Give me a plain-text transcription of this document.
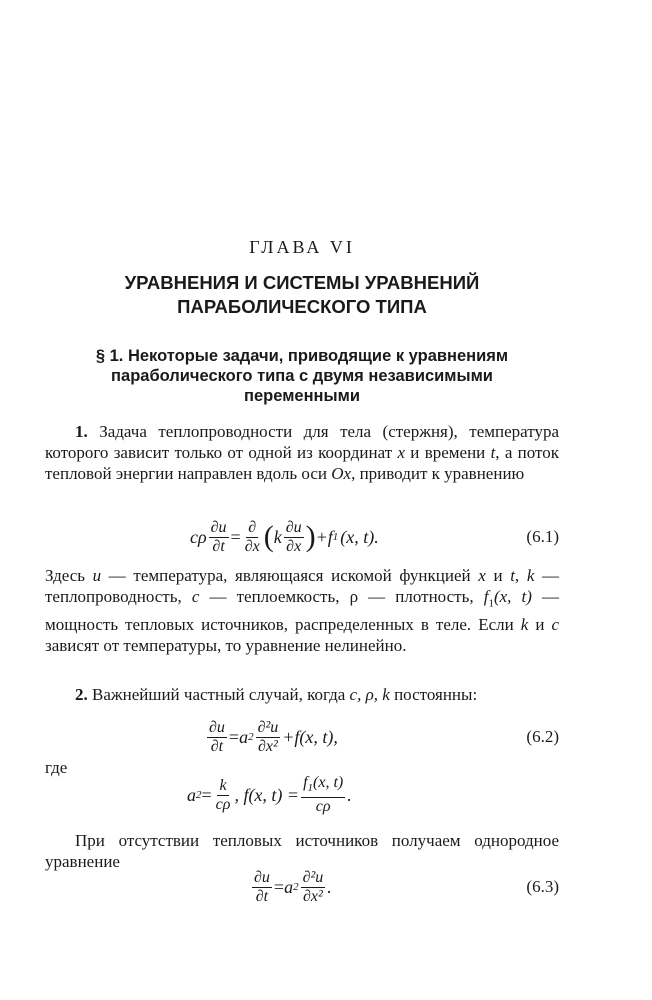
ГЛАВА VI
УРАВНЕНИЯ И СИСТЕМЫ УРАВНЕНИЙ
ПАРАБОЛИЧЕСКОГО ТИПА
§ 1. Некоторые задачи, приводящие к уравнениям
параболического типа с двумя независимыми
переменными
1. Задача теплопроводности для тела (стержня), температура которого зависит только от одной из координат x и времени t, а поток тепловой энергии направлен вдоль оси Ox, приводит к уравнению
cρ $\frac{\partial u}{\partial t} = \frac{\partial}{\partial x}$ ( k $\frac{\partial u}{\partial x}$ ) +f 1 (x, t).	(6.1)
Здесь u — температура, являющаяся искомой функцией x и t, k — теплопроводность, c — теплоемкость, ρ — плотность, $f_1(x$, t) — мощность тепловых источников, распределенных в теле. Если k и c зависят от температуры, то уравнение нелинейно.
2. Важнейший частный случай, когда c, ρ, k постоянны:
$\frac{\partial u}{\partial t} = a$ $2 \frac{\text{∂²u}}{\text{∂x²}} +f(x$, t),	(6.2)
где
a $2 = \frac{k}{c\rho}$ , f(x, $t) = \frac{f_1(x, t)}{c\rho}$ .
При отсутствии тепловых источников получаем однородное уравнение
$\frac{\partial u}{\partial t} = a$ $2 \frac{\text{∂²u}}{\text{∂x²}}$ .	(6.3)
